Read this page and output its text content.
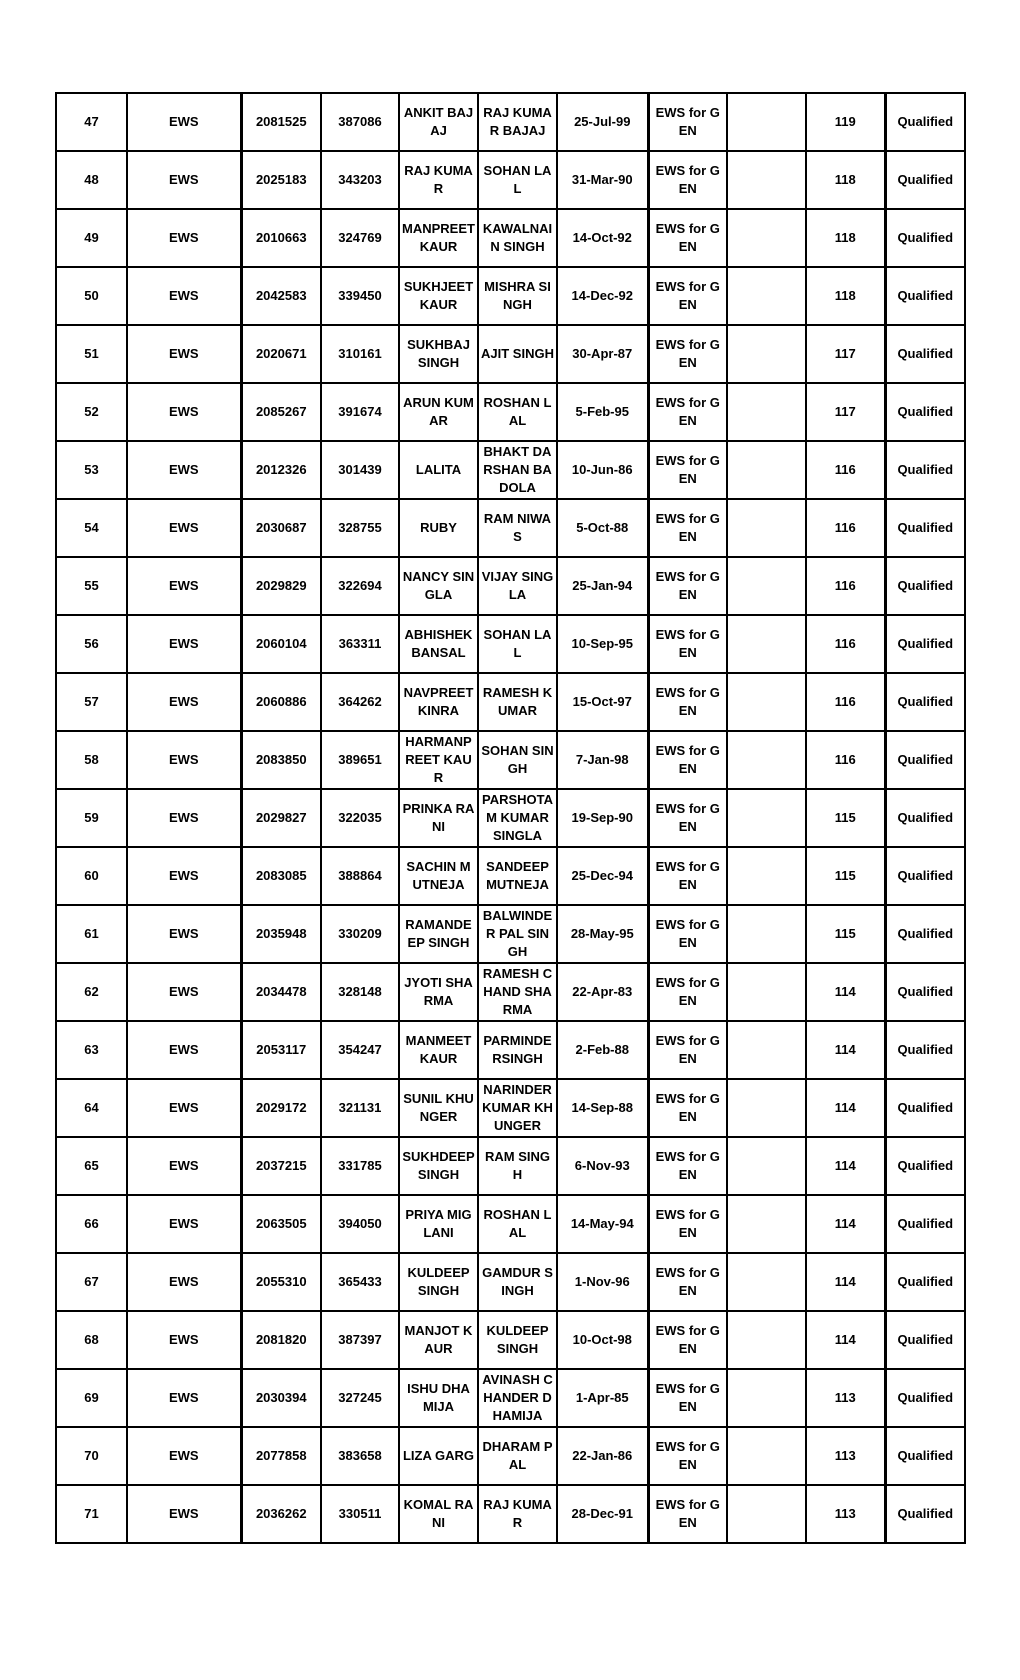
47	EWS	2081525	387086	ANKIT BAJAJ	RAJ KUMAR BAJAJ	25-Jul-99	EWS for GEN		119	Qualified
48	EWS	2025183	343203	RAJ KUMAR	SOHAN LAL	31-Mar-90	EWS for GEN		118	Qualified
49	EWS	2010663	324769	MANPREET KAUR	KAWALNAIN SINGH	14-Oct-92	EWS for GEN		118	Qualified
50	EWS	2042583	339450	SUKHJEET KAUR	MISHRA SINGH	14-Dec-92	EWS for GEN		118	Qualified
51	EWS	2020671	310161	SUKHBAJ SINGH	AJIT SINGH	30-Apr-87	EWS for GEN		117	Qualified
52	EWS	2085267	391674	ARUN KUMAR	ROSHAN LAL	5-Feb-95	EWS for GEN		117	Qualified
53	EWS	2012326	301439	LALITA	BHAKT DARSHAN BADOLA	10-Jun-86	EWS for GEN		116	Qualified
54	EWS	2030687	328755	RUBY	RAM NIWAS	5-Oct-88	EWS for GEN		116	Qualified
55	EWS	2029829	322694	NANCY SINGLA	VIJAY SINGLA	25-Jan-94	EWS for GEN		116	Qualified
56	EWS	2060104	363311	ABHISHEK BANSAL	SOHAN LAL	10-Sep-95	EWS for GEN		116	Qualified
57	EWS	2060886	364262	NAVPREET KINRA	RAMESH KUMAR	15-Oct-97	EWS for GEN		116	Qualified
58	EWS	2083850	389651	HARMANPREET KAUR	SOHAN SINGH	7-Jan-98	EWS for GEN		116	Qualified
59	EWS	2029827	322035	PRINKA RANI	PARSHOTAM KUMAR SINGLA	19-Sep-90	EWS for GEN		115	Qualified
60	EWS	2083085	388864	SACHIN MUTNEJA	SANDEEP MUTNEJA	25-Dec-94	EWS for GEN		115	Qualified
61	EWS	2035948	330209	RAMANDEEP SINGH	BALWINDER PAL SINGH	28-May-95	EWS for GEN		115	Qualified
62	EWS	2034478	328148	JYOTI SHARMA	RAMESH CHAND SHARMA	22-Apr-83	EWS for GEN		114	Qualified
63	EWS	2053117	354247	MANMEET KAUR	PARMINDERSINGH	2-Feb-88	EWS for GEN		114	Qualified
64	EWS	2029172	321131	SUNIL KHUNGER	NARINDER KUMAR KHUNGER	14-Sep-88	EWS for GEN		114	Qualified
65	EWS	2037215	331785	SUKHDEEP SINGH	RAM SINGH	6-Nov-93	EWS for GEN		114	Qualified
66	EWS	2063505	394050	PRIYA MIGLANI	ROSHAN LAL	14-May-94	EWS for GEN		114	Qualified
67	EWS	2055310	365433	KULDEEP SINGH	GAMDUR SINGH	1-Nov-96	EWS for GEN		114	Qualified
68	EWS	2081820	387397	MANJOT KAUR	KULDEEP SINGH	10-Oct-98	EWS for GEN		114	Qualified
69	EWS	2030394	327245	ISHU DHAMIJA	AVINASH CHANDER DHAMIJA	1-Apr-85	EWS for GEN		113	Qualified
70	EWS	2077858	383658	LIZA GARG	DHARAM PAL	22-Jan-86	EWS for GEN		113	Qualified
71	EWS	2036262	330511	KOMAL RANI	RAJ KUMAR	28-Dec-91	EWS for GEN		113	Qualified
